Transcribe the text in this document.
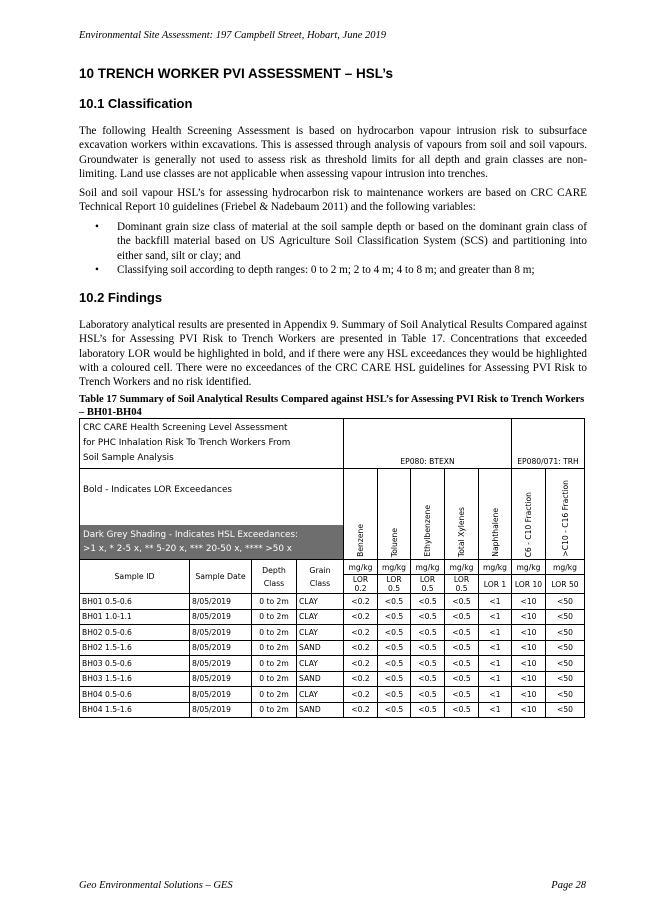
Environmental Site Assessment: 197 Campbell Street, Hobart, June 2019
10 TRENCH WORKER PVI ASSESSMENT – HSL’s
10.1 Classification

The following Health Screening Assessment is based on hydrocarbon vapour intrusion risk to subsurface excavation workers within excavations. This is assessed through analysis of vapours from soil and soil vapours. Groundwater is generally not used to assess risk as threshold limits for all depth and grain classes are non-limiting. Land use classes are not applicable when assessing vapour intrusion into trenches.

Soil and soil vapour HSL’s for assessing hydrocarbon risk to maintenance workers are based on CRC CARE Technical Report 10 guidelines (Friebel & Nadebaum 2011) and the following variables:

• Dominant grain size class of material at the soil sample depth or based on the dominant grain class of the backfill material based on US Agriculture Soil Classification System (SCS) and partitioning into either sand, silt or clay; and
• Classifying soil according to depth ranges: 0 to 2 m; 2 to 4 m; 4 to 8 m; and greater than 8 m;
10.2 Findings

Laboratory analytical results are presented in Appendix 9. Summary of Soil Analytical Results Compared against HSL’s for Assessing PVI Risk to Trench Workers are presented in Table 17. Concentrations that exceeded laboratory LOR would be highlighted in bold, and if there were any HSL exceedances they would be highlighted with a coloured cell. There were no exceedances of the CRC CARE HSL guidelines for Assessing PVI Risk to Trench Workers and no risk identified.

Table 17 Summary of Soil Analytical Results Compared against HSL’s for Assessing PVI Risk to Trench Workers – BH01-BH04

CRC CARE Health Screening Level Assessment
for PHC Inhalation Risk To Trench Workers From
Soil Sample Analysis				EP080: BTEXN					EP080/071: TRH	
Bold - Indicates LOR Exceedances				Benzene	Toluene	Ethylbenzene	Total Xylenes	Naphthalene	C6 - C10 Fraction	>C10 - C16 Fraction

Dark Grey Shading - Indicates HSL Exceedances:
>1 x, * 2-5 x, ** 5-20 x, *** 20-50 x, **** >50 x										

Sample ID	Sample Date	Depth Class	Grain Class	mg/kg	mg/kg	mg/kg	mg/kg	mg/kg	mg/kg	mg/kg
				LOR 0.2	LOR 0.5	LOR 0.5	LOR 0.5	LOR 1	LOR 10	LOR 50
BH01 0.5-0.6	8/05/2019	0 to 2m	CLAY	<0.2	<0.5	<0.5	<0.5	<1	<10	<50
BH01 1.0-1.1	8/05/2019	0 to 2m	CLAY	<0.2	<0.5	<0.5	<0.5	<1	<10	<50
BH02 0.5-0.6	8/05/2019	0 to 2m	CLAY	<0.2	<0.5	<0.5	<0.5	<1	<10	<50
BH02 1.5-1.6	8/05/2019	0 to 2m	SAND	<0.2	<0.5	<0.5	<0.5	<1	<10	<50
BH03 0.5-0.6	8/05/2019	0 to 2m	CLAY	<0.2	<0.5	<0.5	<0.5	<1	<10	<50
BH03 1.5-1.6	8/05/2019	0 to 2m	SAND	<0.2	<0.5	<0.5	<0.5	<1	<10	<50
BH04 0.5-0.6	8/05/2019	0 to 2m	CLAY	<0.2	<0.5	<0.5	<0.5	<1	<10	<50
BH04 1.5-1.6	8/05/2019	0 to 2m	SAND	<0.2	<0.5	<0.5	<0.5	<1	<10	<50
Geo Environmental Solutions – GES	Page 28
